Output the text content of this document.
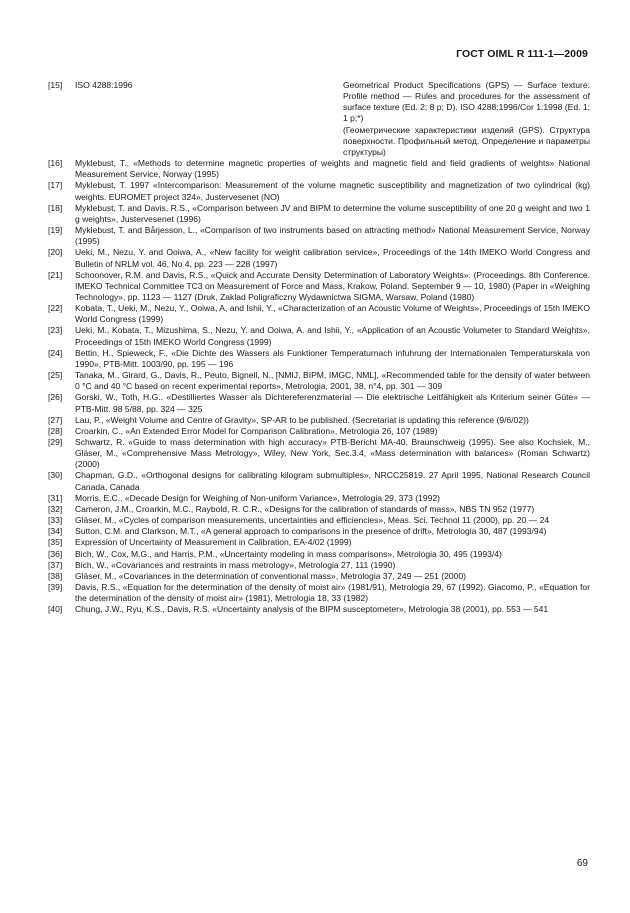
ГОСТ OIML R 111-1—2009
[15]	ISO 4288:1996	Geometrical Product Specifications (GPS) — Surface texture: Profile method — Rules and procedures for the assessment of surface texture (Ed. 2; 8 p; D). ISO 4288:1996/Cor 1:1998 (Ed. 1; 1 p;*)
(Геометрические характеристики изделий (GPS). Структура поверхности. Профильный метод. Определение и параметры структуры)
[16] Myklebust, T., «Methods to determine magnetic properties of weights and magnetic field and field gradients of weights» National Measurement Service, Norway (1995)
[17] Myklebust, T. 1997 «Intercomparison: Measurement of the volume magnetic susceptibility and magnetization of two cylindrical (kg) weights. EUROMET project 324», Justervesenet (NO)
[18] Myklebust, T. and Davis, R.S., «Comparison between JV and BIPM to determine the volume susceptibility of one 20 g weight and two 1 g weights», Justervesenet (1996)
[19] Myklebust, T. and Bårjesson, L., «Comparison of two instruments based on attracting method» National Measurement Service, Norway (1995)
[20] Ueki, M., Nezu, Y. and Ooiwa, A., «New facility for weight calibration service», Proceedings of the 14th IMEKO World Congress and Bulletin of NRLM vol. 46, No 4, pp. 223 — 228 (1997)
[21] Schoonover, R.M. and Davis, R.S., «Quick and Accurate Density Determination of Laboratory Weights». (Proceedings. 8th Conference. IMEKO Technical Committee TC3 on Measurement of Force and Mass, Krakow, Poland. September 9 — 10, 1980) (Paper in «Weighing Technology», pp. 1123 — 1127 (Druk, Zaklad Poligraficzny Wydawnictwa SIGMA, Warsaw, Poland (1980)
[22] Kobata, T., Ueki, M., Nezu, Y., Ooiwa, A, and Ishii, Y., «Characterization of an Acoustic Volume of Weights», Proceedings of 15th IMEKO World Congress (1999)
[23] Ueki, M., Kobata, T., Mizushima, S., Nezu, Y. and Ooiwa, A. and Ishii, Y., «Application of an Acoustic Volumeter to Standard Weights», Proceedings of 15th IMEKO World Congress (1999)
[24] Bettin, H., Spieweck, F., «Die Dichte des Wassers als Funktioner Temperaturnach infuhrung der Internationalen Temperaturskala von 1990», PTB-Mitt. 1003/90, pp. 195 — 196
[25] Tanaka, M., Girard, G., Davis, R., Peuto, Bignell, N., [NMIJ, BIPM, IMGC, NML], «Recommended table for the density of water between 0 °C and 40 °C based on recent experimental reports», Metrologia, 2001, 38, n°4, pp. 301 — 309
[26] Gorski, W., Toth, H.G.. «Destilliertes Wasser als Dichtereferenzmaterial — Die elektrische Leitfähigkeit als Kriterium seiner Güte» — PTB-Mitt. 98 5/88, pp. 324 — 325
[27] Lau, P., «Weight Volume and Centre of Gravity», SP-AR to be published. (Secretariat is updating this reference (9/6/02))
[28] Croarkin, C., «An Extended Error Model for Comparison Calibration», Metrologia 26, 107 (1989)
[29] Schwartz, R. «Guide to mass determination with high accuracy» PTB-Bericht MA-40, Braunschweig (1995). See also Kochsiek, M., Gläser, M., «Comprehensive Mass Metrology», Wiley, New York, Sec.3.4, «Mass determination with balances» (Roman Schwartz) (2000)
[30] Chapman, G.D., «Orthogonal designs for calibrating kilogram submultiples», NRCC25819. 27 April 1995, National Research Council Canada, Canada
[31] Morris, E.C., «Decade Design for Weighing of Non-uniform Variance», Metrologia 29, 373 (1992)
[32] Cameron, J.M., Croarkin, M.C., Raybold, R. C.R., «Designs for the calibration of standards of mass», NBS TN 952 (1977)
[33] Gläser, M., «Cycles of comparison measurements, uncertainties and efficiencies», Meas. Sci. Technol 11 (2000), pp. 20 — 24
[34] Sutton, C.M. and Clarkson, M.T., «A general approach to comparisons in the presence of drift», Metrologia 30, 487 (1993/94)
[35] Expression of Uncertainty of Measurement in Calibration, EA-4/02 (1999)
[36] Bich, W., Cox, M.G., and Harris, P.M., «Uncertainty modeling in mass comparisons», Metrologia 30, 495 (1993/4)
[37] Bich, W., «Covariances and restraints in mass metrology», Metrologia 27, 111 (1990)
[38] Gläser, M., «Covariances in the determination of conventional mass», Metrologia 37, 249 — 251 (2000)
[39] Davis, R.S., «Equation for the determination of the density of moist air» (1981/91), Metrologia 29, 67 (1992). Giacomo, P., «Equation for the determination of the density of moist air» (1981), Metrologia 18, 33 (1982)
[40] Chung, J.W., Ryu, K.S., Davis, R.S. «Uncertainty analysis of the BIPM susceptometer», Metrologia 38 (2001), pp. 553 — 541
69
